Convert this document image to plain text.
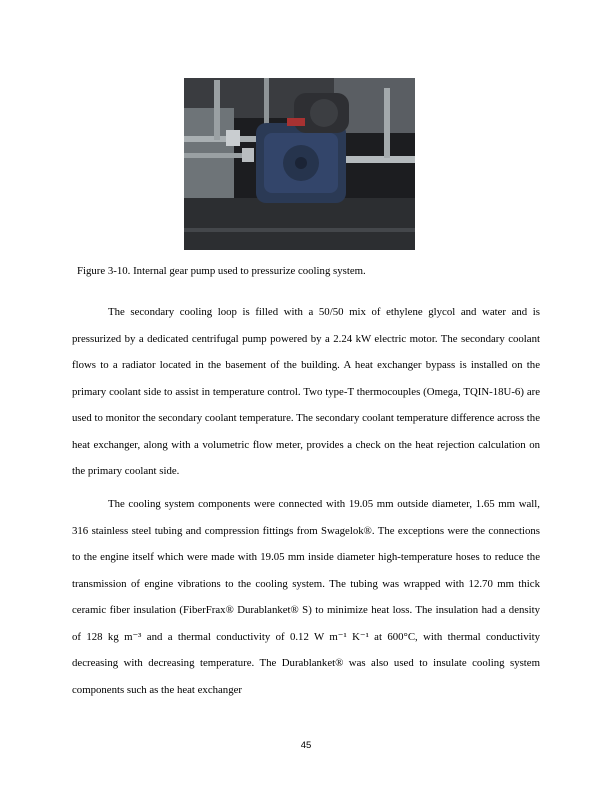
Figure 3-10. Internal gear pump used to pressurize cooling system.

The secondary cooling loop is filled with a 50/50 mix of ethylene glycol and water and is pressurized by a dedicated centrifugal pump powered by a 2.24 kW electric motor. The secondary coolant flows to a radiator located in the basement of the building. A heat exchanger bypass is installed on the primary coolant side to assist in temperature control. Two type-T thermocouples (Omega, TQIN-18U-6) are used to monitor the secondary coolant temperature. The secondary coolant temperature difference across the heat exchanger, along with a volumetric flow meter, provides a check on the heat rejection calculation on the primary coolant side.

The cooling system components were connected with 19.05 mm outside diameter, 1.65 mm wall, 316 stainless steel tubing and compression fittings from Swagelok®. The exceptions were the connections to the engine itself which were made with 19.05 mm inside diameter high-temperature hoses to reduce the transmission of engine vibrations to the cooling system. The tubing was wrapped with 12.70 mm thick ceramic fiber insulation (FiberFrax® Durablanket® S) to minimize heat loss. The insulation had a density of 128 kg m⁻³ and a thermal conductivity of 0.12 W m⁻¹ K⁻¹ at 600°C, with thermal conductivity decreasing with decreasing temperature. The Durablanket® was also used to insulate cooling system components such as the heat exchanger

45
